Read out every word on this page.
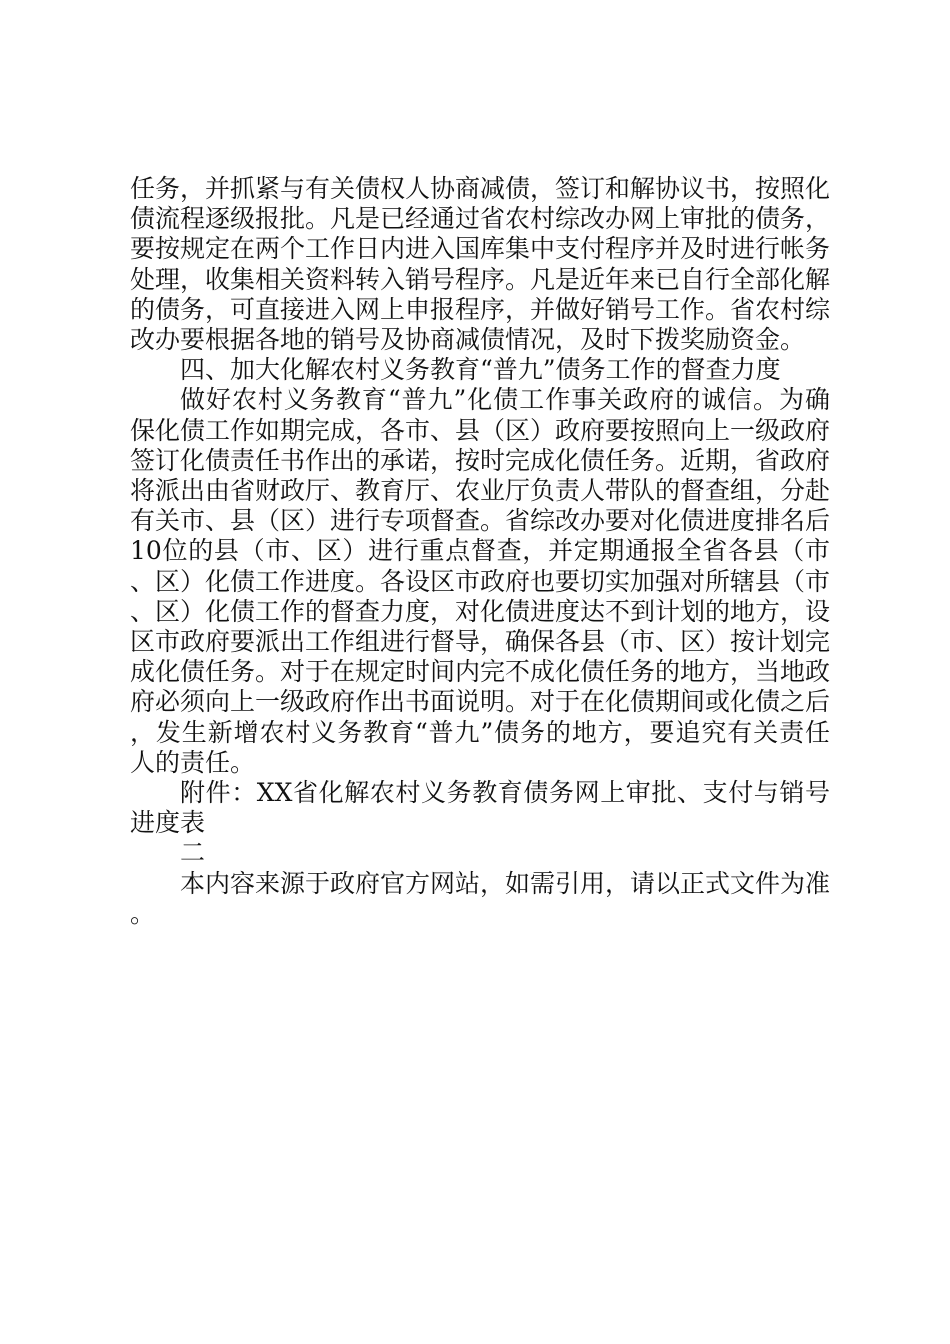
任务，并抓紧与有关债权人协商减债，签订和解协议书，按照化债流程逐级报批。凡是已经通过省农村综改办网上审批的债务，要按规定在两个工作日内进入国库集中支付程序并及时进行帐务处理，收集相关资料转入销号程序。凡是近年来已自行全部化解的债务，可直接进入网上申报程序，并做好销号工作。省农村综改办要根据各地的销号及协商减债情况，及时下拨奖励资金。

四、加大化解农村义务教育“普九”债务工作的督查力度

做好农村义务教育“普九”化债工作事关政府的诚信。为确保化债工作如期完成，各市、县（区）政府要按照向上一级政府签订化债责任书作出的承诺，按时完成化债任务。近期，省政府将派出由省财政厅、教育厅、农业厅负责人带队的督查组，分赴有关市、县（区）进行专项督查。省综改办要对化债进度排名后10位的县（市、区）进行重点督查，并定期通报全省各县（市、区）化债工作进度。各设区市政府也要切实加强对所辖县（市、区）化债工作的督查力度，对化债进度达不到计划的地方，设区市政府要派出工作组进行督导，确保各县（市、区）按计划完成化债任务。对于在规定时间内完不成化债任务的地方，当地政府必须向上一级政府作出书面说明。对于在化债期间或化债之后，发生新增农村义务教育“普九”债务的地方，要追究有关责任人的责任。

附件：XX省化解农村义务教育债务网上审批、支付与销号进度表

二

本内容来源于政府官方网站，如需引用，请以正式文件为准。
